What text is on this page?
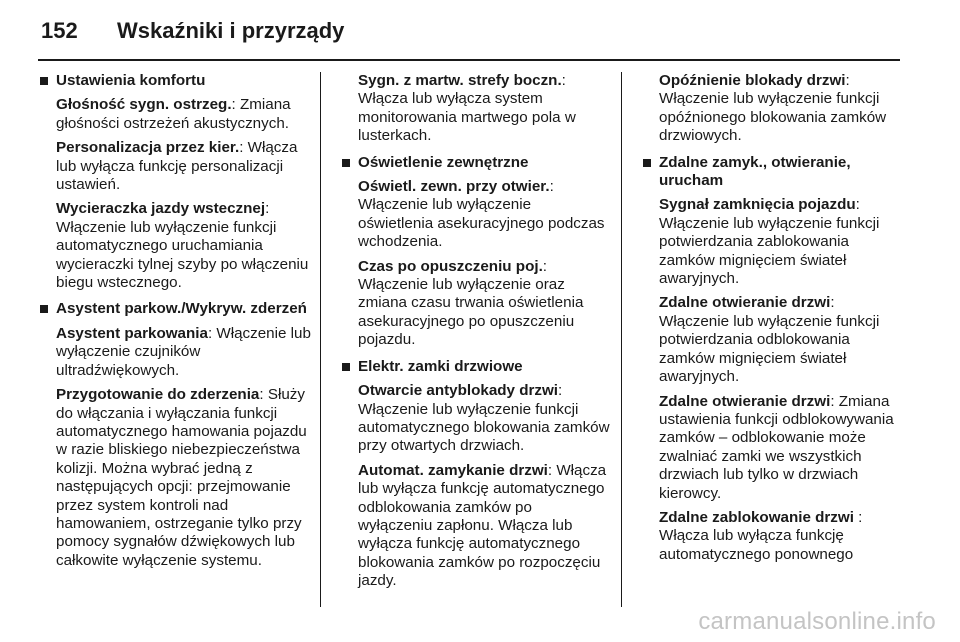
152	Wskaźniki i przyrządy
Ustawienia komfortu
Głośność sygn. ostrzeg.: Zmiana głośności ostrzeżeń akustycznych.
Personalizacja przez kier.: Włącza lub wyłącza funkcję personalizacji ustawień.
Wycieraczka jazdy wstecznej: Włączenie lub wyłączenie funkcji automatycznego uruchamiania wycieraczki tylnej szyby po włączeniu biegu wstecznego.
Asystent parkow./Wykryw. zderzeń
Asystent parkowania: Włączenie lub wyłączenie czujników ultradźwiękowych.
Przygotowanie do zderzenia: Służy do włączania i wyłączania funkcji automatycznego hamowania pojazdu w razie bliskiego niebezpieczeństwa kolizji. Można wybrać jedną z następujących opcji: przejmowanie przez system kontroli nad hamowaniem, ostrzeganie tylko przy pomocy sygnałów dźwiękowych lub całkowite wyłączenie systemu.
Sygn. z martw. strefy boczn.: Włącza lub wyłącza system monitorowania martwego pola w lusterkach.
Oświetlenie zewnętrzne
Oświetl. zewn. przy otwier.: Włączenie lub wyłączenie oświetlenia asekuracyjnego podczas wchodzenia.
Czas po opuszczeniu poj.: Włączenie lub wyłączenie oraz zmiana czasu trwania oświetlenia asekuracyjnego po opuszczeniu pojazdu.
Elektr. zamki drzwiowe
Otwarcie antyblokady drzwi: Włączenie lub wyłączenie funkcji automatycznego blokowania zamków przy otwartych drzwiach.
Automat. zamykanie drzwi: Włącza lub wyłącza funkcję automatycznego odblokowania zamków po wyłączeniu zapłonu. Włącza lub wyłącza funkcję automatycznego blokowania zamków po rozpoczęciu jazdy.
Opóźnienie blokady drzwi: Włączenie lub wyłączenie funkcji opóźnionego blokowania zamków drzwiowych.
Zdalne zamyk., otwieranie, urucham
Sygnał zamknięcia pojazdu: Włączenie lub wyłączenie funkcji potwierdzania zablokowania zamków mignięciem świateł awaryjnych.
Zdalne otwieranie drzwi: Włączenie lub wyłączenie funkcji potwierdzania odblokowania zamków mignięciem świateł awaryjnych.
Zdalne otwieranie drzwi: Zmiana ustawienia funkcji odblokowywania zamków – odblokowanie może zwalniać zamki we wszystkich drzwiach lub tylko w drzwiach kierowcy.
Zdalne zablokowanie drzwi : Włącza lub wyłącza funkcję automatycznego ponownego
carmanualsonline.info
